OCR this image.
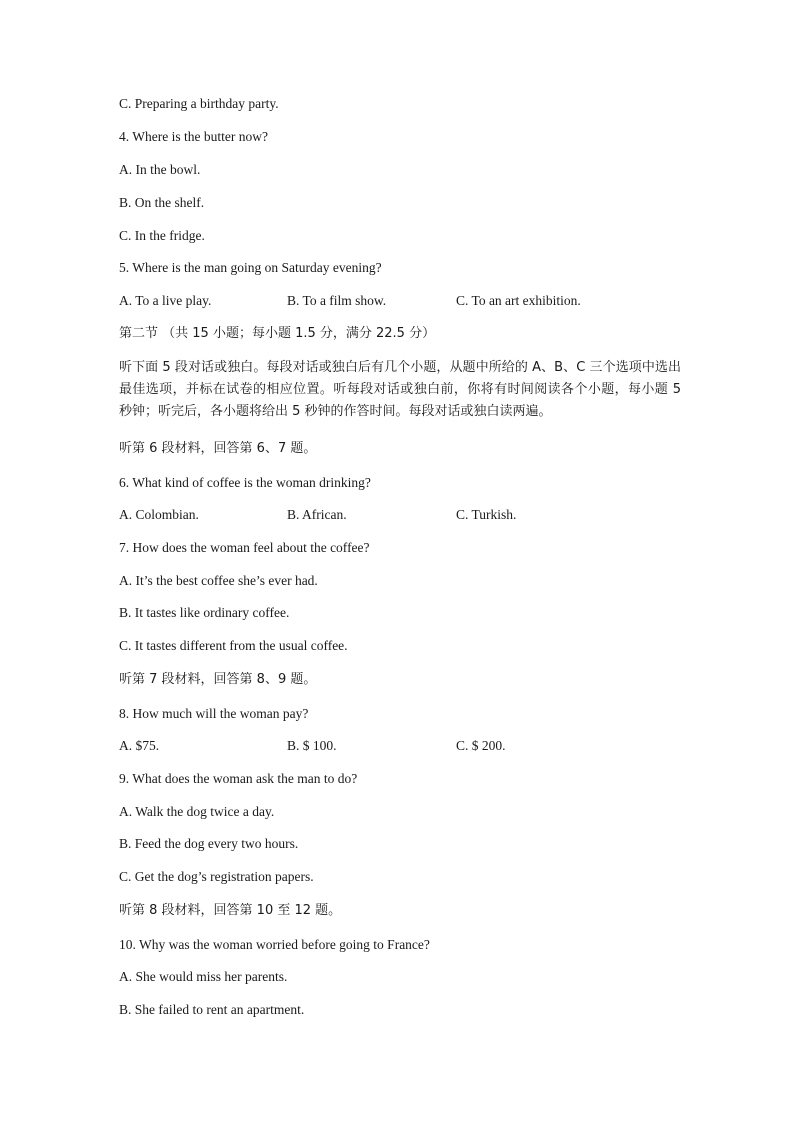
C. Preparing a birthday party.
4. Where is the butter now?
A. In the bowl.
B. On the shelf.
C. In the fridge.
5. Where is the man going on Saturday evening?
A. To a live play.	B. To a film show.	C. To an art exhibition.
第二节 （共 15 小题；每小题 1.5 分，满分 22.5 分）
听下面 5 段对话或独白。每段对话或独白后有几个小题，从题中所给的 A、B、C 三个选项中选出最佳选项，并标在试卷的相应位置。听每段对话或独白前，你将有时间阅读各个小题，每小题 5 秒钟；听完后，各小题将给出 5 秒钟的作答时间。每段对话或独白读两遍。
听第 6 段材料，回答第 6、7 题。
6. What kind of coffee is the woman drinking?
A. Colombian.	B. African.	C. Turkish.
7. How does the woman feel about the coffee?
A. It’s the best coffee she’s ever had.
B. It tastes like ordinary coffee.
C. It tastes different from the usual coffee.
听第 7 段材料，回答第 8、9 题。
8. How much will the woman pay?
A. $75.	B. $ 100.	C. $ 200.
9. What does the woman ask the man to do?
A. Walk the dog twice a day.
B. Feed the dog every two hours.
C. Get the dog’s registration papers.
听第 8 段材料，回答第 10 至 12 题。
10. Why was the woman worried before going to France?
A. She would miss her parents.
B. She failed to rent an apartment.
